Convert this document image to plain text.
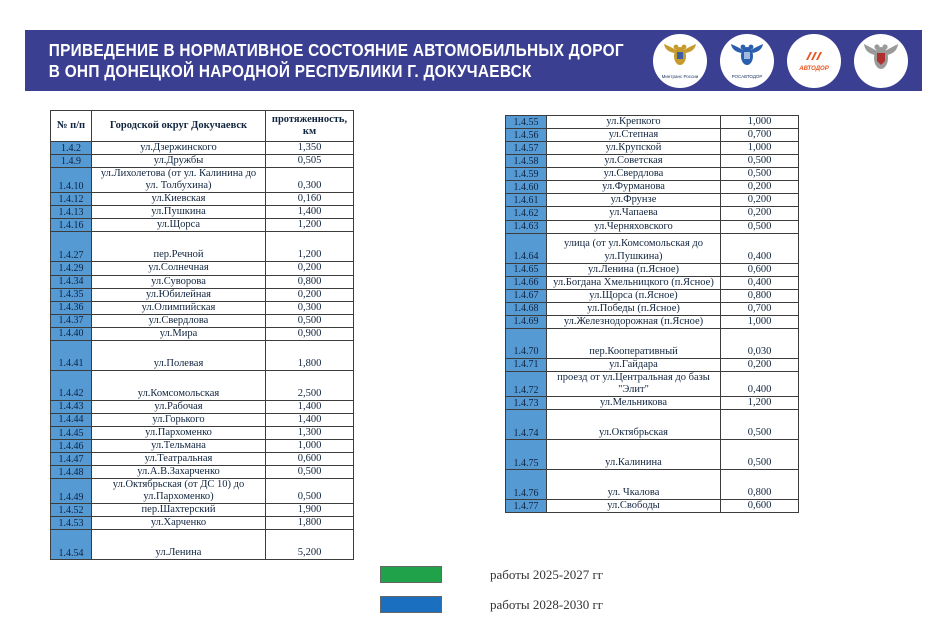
ПРИВЕДЕНИЕ В НОРМАТИВНОЕ СОСТОЯНИЕ АВТОМОБИЛЬНЫХ ДОРОГ
В ОНП ДОНЕЦКОЙ НАРОДНОЙ РЕСПУБЛИКИ Г. ДОКУЧАЕВСК	Минтранс России	РОСАВТОДОР
АВТОДОР
№ п/п	Городской округ Докучаевск	протяженность, км
1.4.2	ул.Дзержинского	1,350
1.4.9	ул.Дружбы	0,505
1.4.10	ул.Лихолетова (от ул. Калинина до ул. Толбухина)	0,300
1.4.12	ул.Киевская	0,160
1.4.13	ул.Пушкина	1,400
1.4.16	ул.Щорса	1,200
1.4.27	пер.Речной	1,200
1.4.29	ул.Солнечная	0,200
1.4.34	ул.Суворова	0,800
1.4.35	ул.Юбилейная	0,200
1.4.36	ул.Олимпийская	0,300
1.4.37	ул.Свердлова	0,500
1.4.40	ул.Мира	0,900
1.4.41	ул.Полевая	1,800
1.4.42	ул.Комсомольская	2,500
1.4.43	ул.Рабочая	1,400
1.4.44	ул.Горького	1,400
1.4.45	ул.Пархоменко	1,300
1.4.46	ул.Тельмана	1,000
1.4.47	ул.Театральная	0,600
1.4.48	ул.А.В.Захарченко	0,500
1.4.49	ул.Октябрьская (от ДС 10) до ул.Пархоменко)	0,500
1.4.52	пер.Шахтерский	1,900
1.4.53	ул.Харченко	1,800
1.4.54	ул.Ленина	5,200
1.4.55	ул.Крепкого	1,000
1.4.56	ул.Степная	0,700
1.4.57	ул.Крупской	1,000
1.4.58	ул.Советская	0,500
1.4.59	ул.Свердлова	0,500
1.4.60	ул.Фурманова	0,200
1.4.61	ул.Фрунзе	0,200
1.4.62	ул.Чапаева	0,200
1.4.63	ул.Черняховского	0,500
1.4.64	улица (от ул.Комсомольская до ул.Пушкина)	0,400
1.4.65	ул.Ленина (п.Ясное)	0,600
1.4.66	ул.Богдана Хмельницкого (п.Ясное)	0,400
1.4.67	ул.Щорса (п.Ясное)	0,800
1.4.68	ул.Победы (п.Ясное)	0,700
1.4.69	ул.Железнодорожная (п.Ясное)	1,000
1.4.70	пер.Кооперативный	0,030
1.4.71	ул.Гайдара	0,200
1.4.72	проезд от ул.Центральная до базы "Элит"	0,400
1.4.73	ул.Мельникова	1,200
1.4.74	ул.Октябрьская	0,500
1.4.75	ул.Калинина	0,500
1.4.76	ул. Чкалова	0,800
1.4.77	ул.Свободы	0,600
работы 2025-2027 гг
работы 2028-2030 гг
